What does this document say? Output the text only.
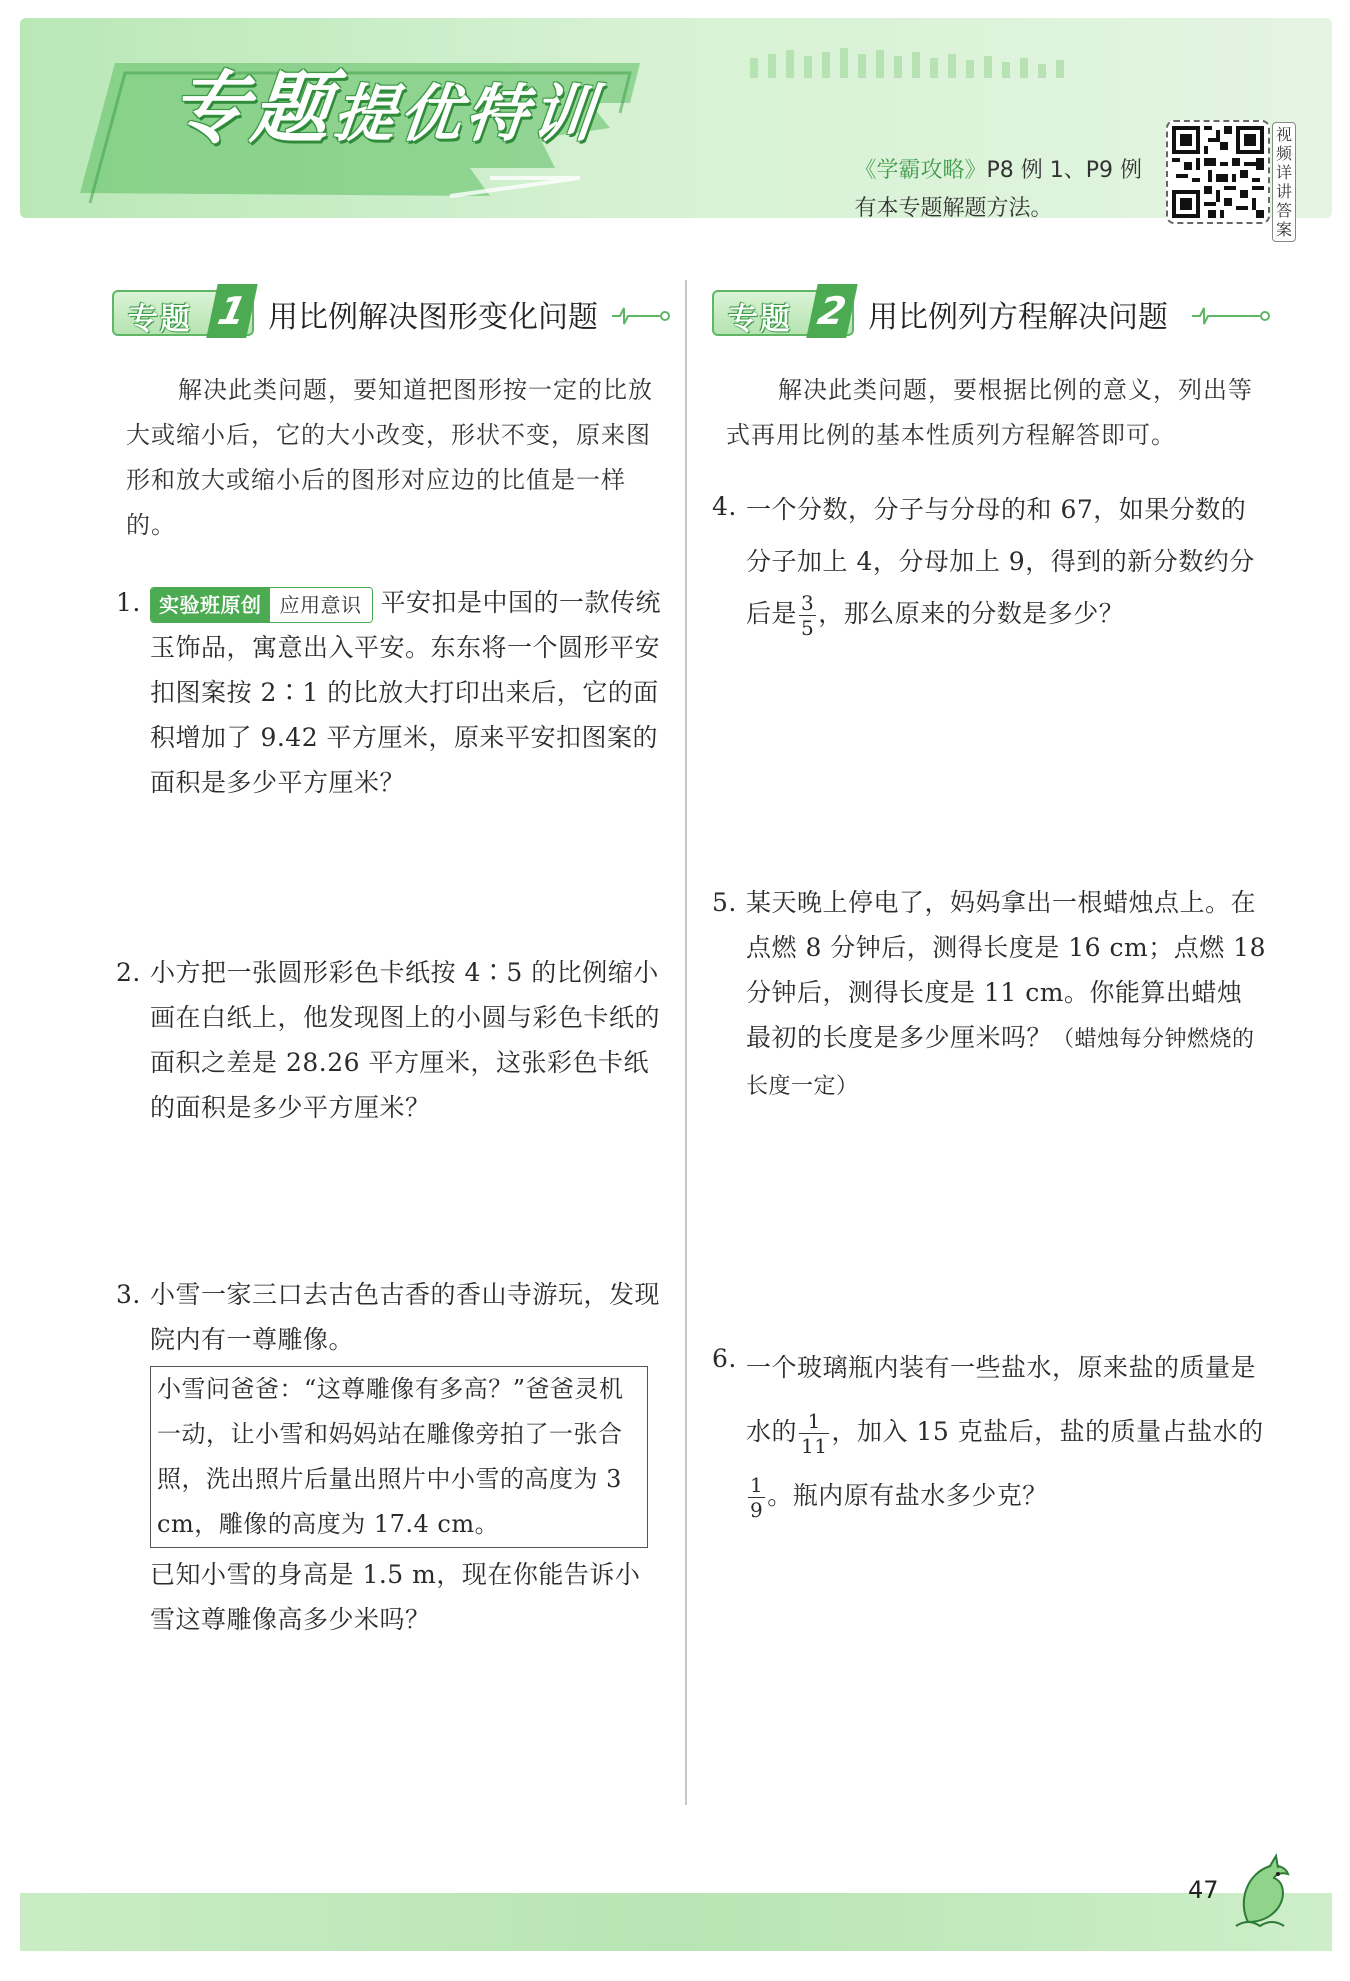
专题提优特训
《学霸攻略》P8 例 1、P9 例
有本专题解题方法。
视频详讲答案
专题 1 用比例解决图形变化问题

解决此类问题，要知道把图形按一定的比放大或缩小后，它的大小改变，形状不变，原来图形和放大或缩小后的图形对应边的比值是一样的。

1. 实验班原创 应用意识 平安扣是中国的一款传统玉饰品，寓意出入平安。东东将一个圆形平安扣图案按 2∶1 的比放大打印出来后，它的面积增加了 9.42 平方厘米，原来平安扣图案的面积是多少平方厘米？
2. 小方把一张圆形彩色卡纸按 4∶5 的比例缩小画在白纸上，他发现图上的小圆与彩色卡纸的面积之差是 28.26 平方厘米，这张彩色卡纸的面积是多少平方厘米？
3. 小雪一家三口去古色古香的香山寺游玩，发现院内有一尊雕像。
小雪问爸爸：“这尊雕像有多高？”爸爸灵机一动，让小雪和妈妈站在雕像旁拍了一张合照，洗出照片后量出照片中小雪的高度为 3 cm，雕像的高度为 17.4 cm。
已知小雪的身高是 1.5 m，现在你能告诉小雪这尊雕像高多少米吗？
专题 2 用比例列方程解决问题

解决此类问题，要根据比例的意义，列出等式再用比例的基本性质列方程解答即可。

4. 一个分数，分子与分母的和 67，如果分数的分子加上 4，分母加上 9，得到的新分数约分后是 $\frac{3}{5}$ ，那么原来的分数是多少？
5. 某天晚上停电了，妈妈拿出一根蜡烛点上。在点燃 8 分钟后，测得长度是 16 cm；点燃 18 分钟后，测得长度是 11 cm。你能算出蜡烛最初的长度是多少厘米吗？（蜡烛每分钟燃烧的长度一定）
6. 一个玻璃瓶内装有一些盐水，原来盐的质量是水的 $\frac{1}{11}$ ，加入 15 克盐后，盐的质量占盐水的
$\frac{1}{9}$ 。瓶内原有盐水多少克？
47
